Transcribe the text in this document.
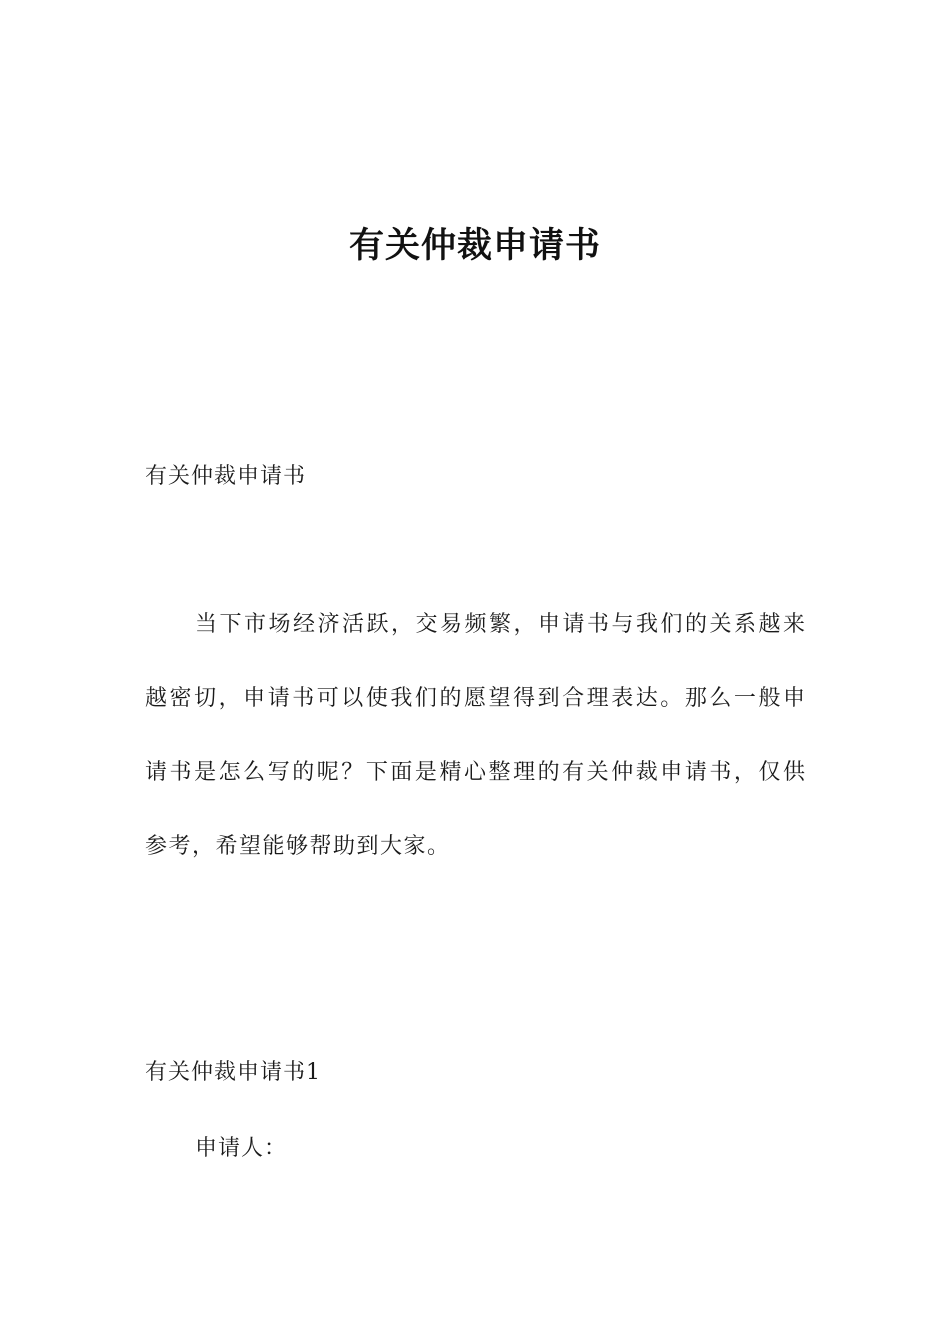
有关仲裁申请书

有关仲裁申请书

当下市场经济活跃，交易频繁，申请书与我们的关系越来
越密切，申请书可以使我们的愿望得到合理表达。那么一般申
请书是怎么写的呢？下面是精心整理的有关仲裁申请书，仅供
参考，希望能够帮助到大家。

有关仲裁申请书1

申请人：
